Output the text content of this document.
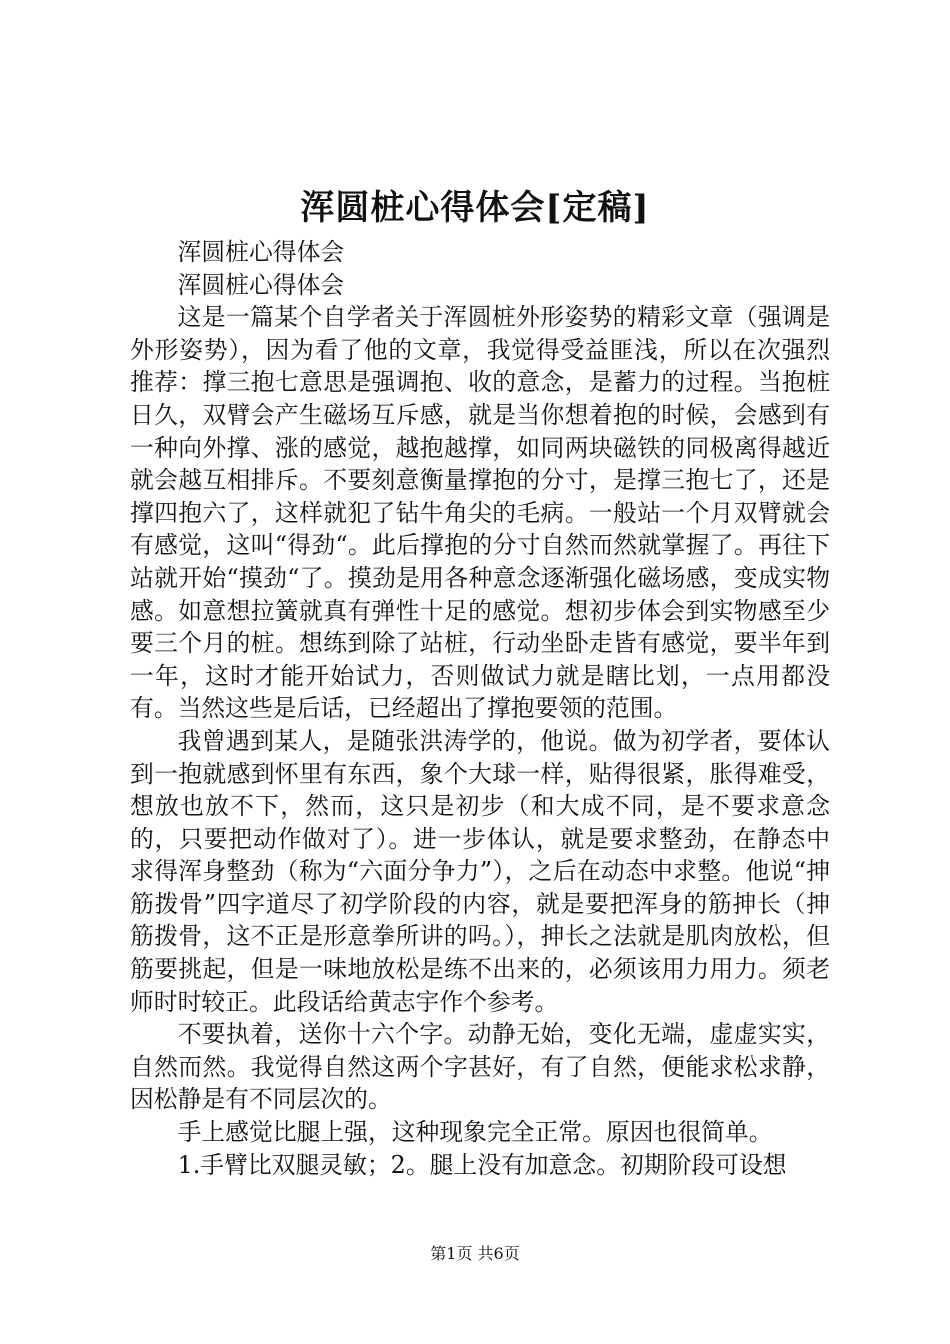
浑圆桩心得体会[定稿]

浑圆桩心得体会

浑圆桩心得体会

这是一篇某个自学者关于浑圆桩外形姿势的精彩文章（强调是外形姿势），因为看了他的文章，我觉得受益匪浅，所以在次强烈推荐：撑三抱七意思是强调抱、收的意念，是蓄力的过程。当抱桩日久，双臂会产生磁场互斥感，就是当你想着抱的时候，会感到有一种向外撑、涨的感觉，越抱越撑，如同两块磁铁的同极离得越近就会越互相排斥。不要刻意衡量撑抱的分寸，是撑三抱七了，还是撑四抱六了，这样就犯了钻牛角尖的毛病。一般站一个月双臂就会有感觉，这叫“得劲“。此后撑抱的分寸自然而然就掌握了。再往下站就开始“摸劲“了。摸劲是用各种意念逐渐强化磁场感，变成实物感。如意想拉簧就真有弹性十足的感觉。想初步体会到实物感至少要三个月的桩。想练到除了站桩，行动坐卧走皆有感觉，要半年到一年，这时才能开始试力，否则做试力就是瞎比划，一点用都没有。当然这些是后话，已经超出了撑抱要领的范围。

我曾遇到某人，是随张洪涛学的，他说。做为初学者，要体认到一抱就感到怀里有东西，象个大球一样，贴得很紧，胀得难受，想放也放不下，然而，这只是初步（和大成不同，是不要求意念的，只要把动作做对了）。进一步体认，就是要求整劲，在静态中求得浑身整劲（称为“六面分争力”），之后在动态中求整。他说“抻筋拨骨”四字道尽了初学阶段的内容，就是要把浑身的筋抻长（抻筋拨骨，这不正是形意拳所讲的吗。），抻长之法就是肌肉放松，但筋要挑起，但是一味地放松是练不出来的，必须该用力用力。须老师时时较正。此段话给黄志宇作个参考。

不要执着，送你十六个字。动静无始，变化无端，虚虚实实，自然而然。我觉得自然这两个字甚好，有了自然，便能求松求静，因松静是有不同层次的。

手上感觉比腿上强，这种现象完全正常。原因也很简单。

1.手臂比双腿灵敏；2。腿上没有加意念。初期阶段可设想

第1页 共6页
